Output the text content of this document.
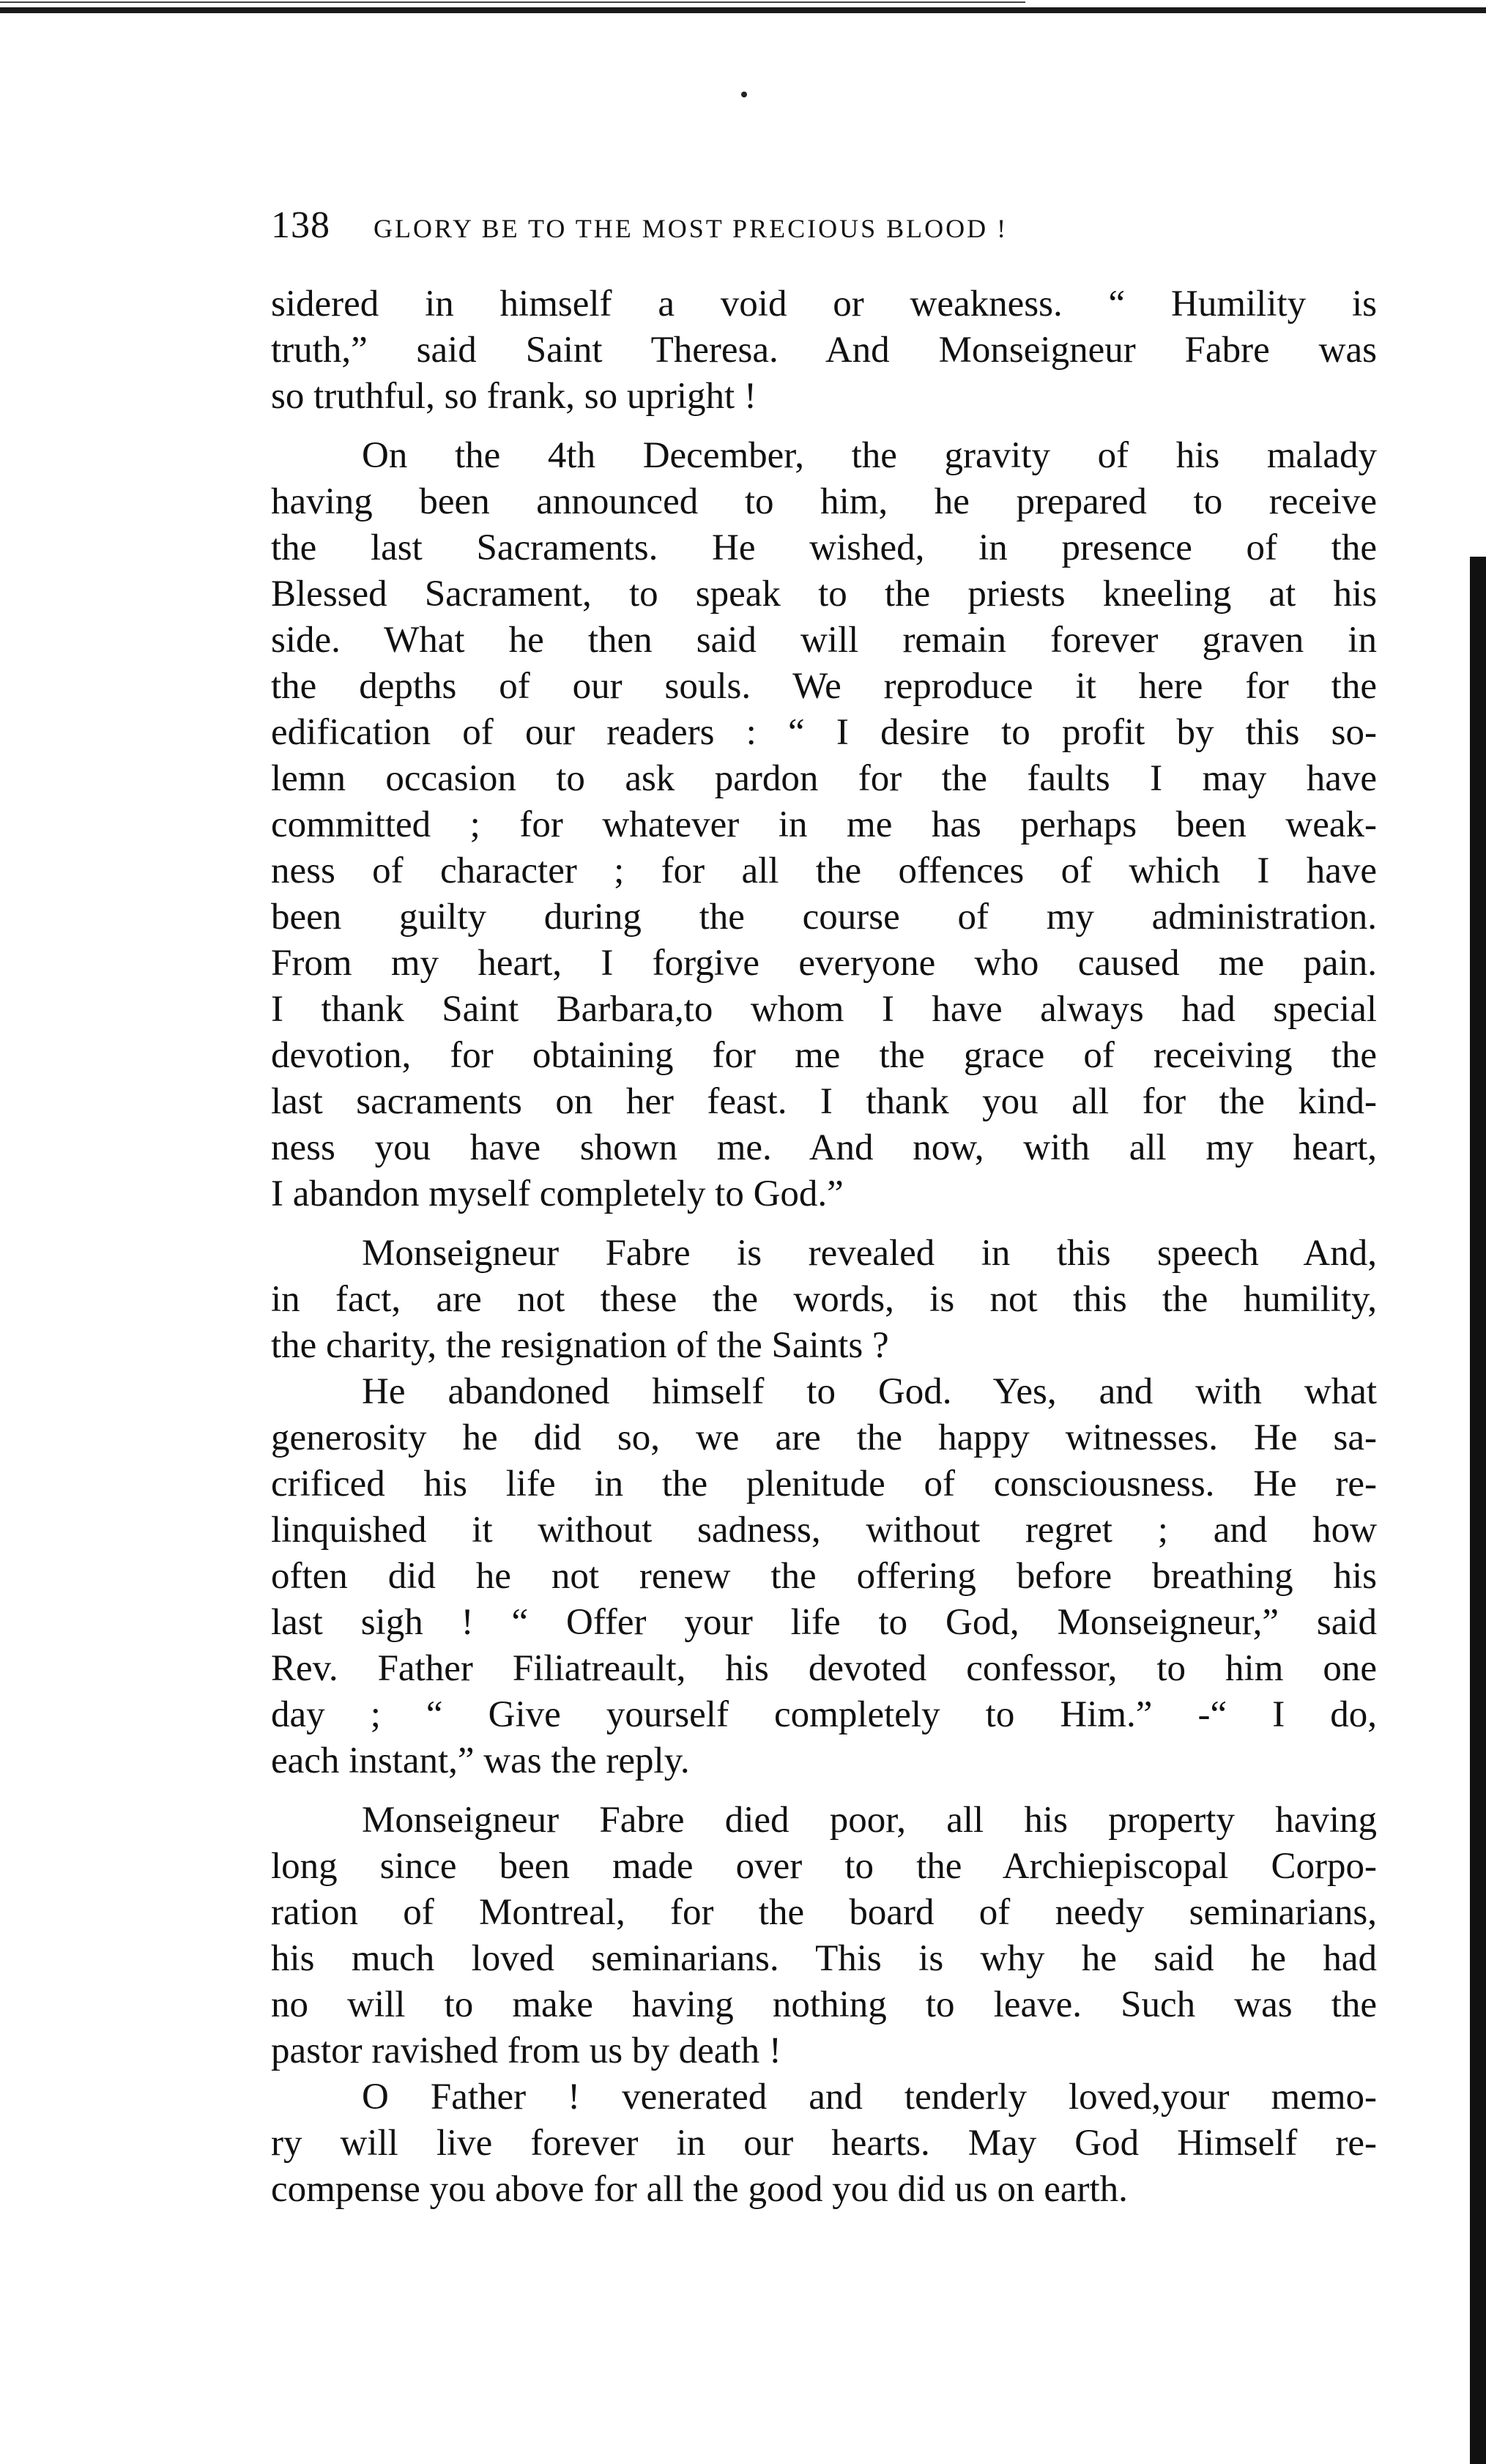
138	GLORY BE TO THE MOST PRECIOUS BLOOD !

sidered in himself a void or weakness. “ Humility is
truth,” said Saint Theresa. And Monseigneur Fabre was
so truthful, so frank, so upright !

On the 4th December, the gravity of his malady
having been announced to him, he prepared to receive
the last Sacraments. He wished, in presence of the
Blessed Sacrament, to speak to the priests kneeling at his
side. What he then said will remain forever graven in
the depths of our souls. We reproduce it here for the
edification of our readers : “ I desire to profit by this so-
lemn occasion to ask pardon for the faults I may have
committed ; for whatever in me has perhaps been weak-
ness of character ; for all the offences of which I have
been guilty during the course of my administration.
From my heart, I forgive everyone who caused me pain.
I thank Saint Barbara,to whom I have always had special
devotion, for obtaining for me the grace of receiving the
last sacraments on her feast. I thank you all for the kind-
ness you have shown me. And now, with all my heart,
I abandon myself completely to God.”

Monseigneur Fabre is revealed in this speech And,
in fact, are not these the words, is not this the humility,
the charity, the resignation of the Saints ?

He abandoned himself to God. Yes, and with what
generosity he did so, we are the happy witnesses. He sa-
crificed his life in the plenitude of consciousness. He re-
linquished it without sadness, without regret ; and how
often did he not renew the offering before breathing his
last sigh ! “ Offer your life to God, Monseigneur,” said
Rev. Father Filiatreault, his devoted confessor, to him one
day ; “ Give yourself completely to Him.” -“ I do,
each instant,” was the reply.

Monseigneur Fabre died poor, all his property having
long since been made over to the Archiepiscopal Corpo-
ration of Montreal, for the board of needy seminarians,
his much loved seminarians. This is why he said he had
no will to make having nothing to leave. Such was the
pastor ravished from us by death !

O Father ! venerated and tenderly loved,your memo-
ry will live forever in our hearts. May God Himself re-
compense you above for all the good you did us on earth.
